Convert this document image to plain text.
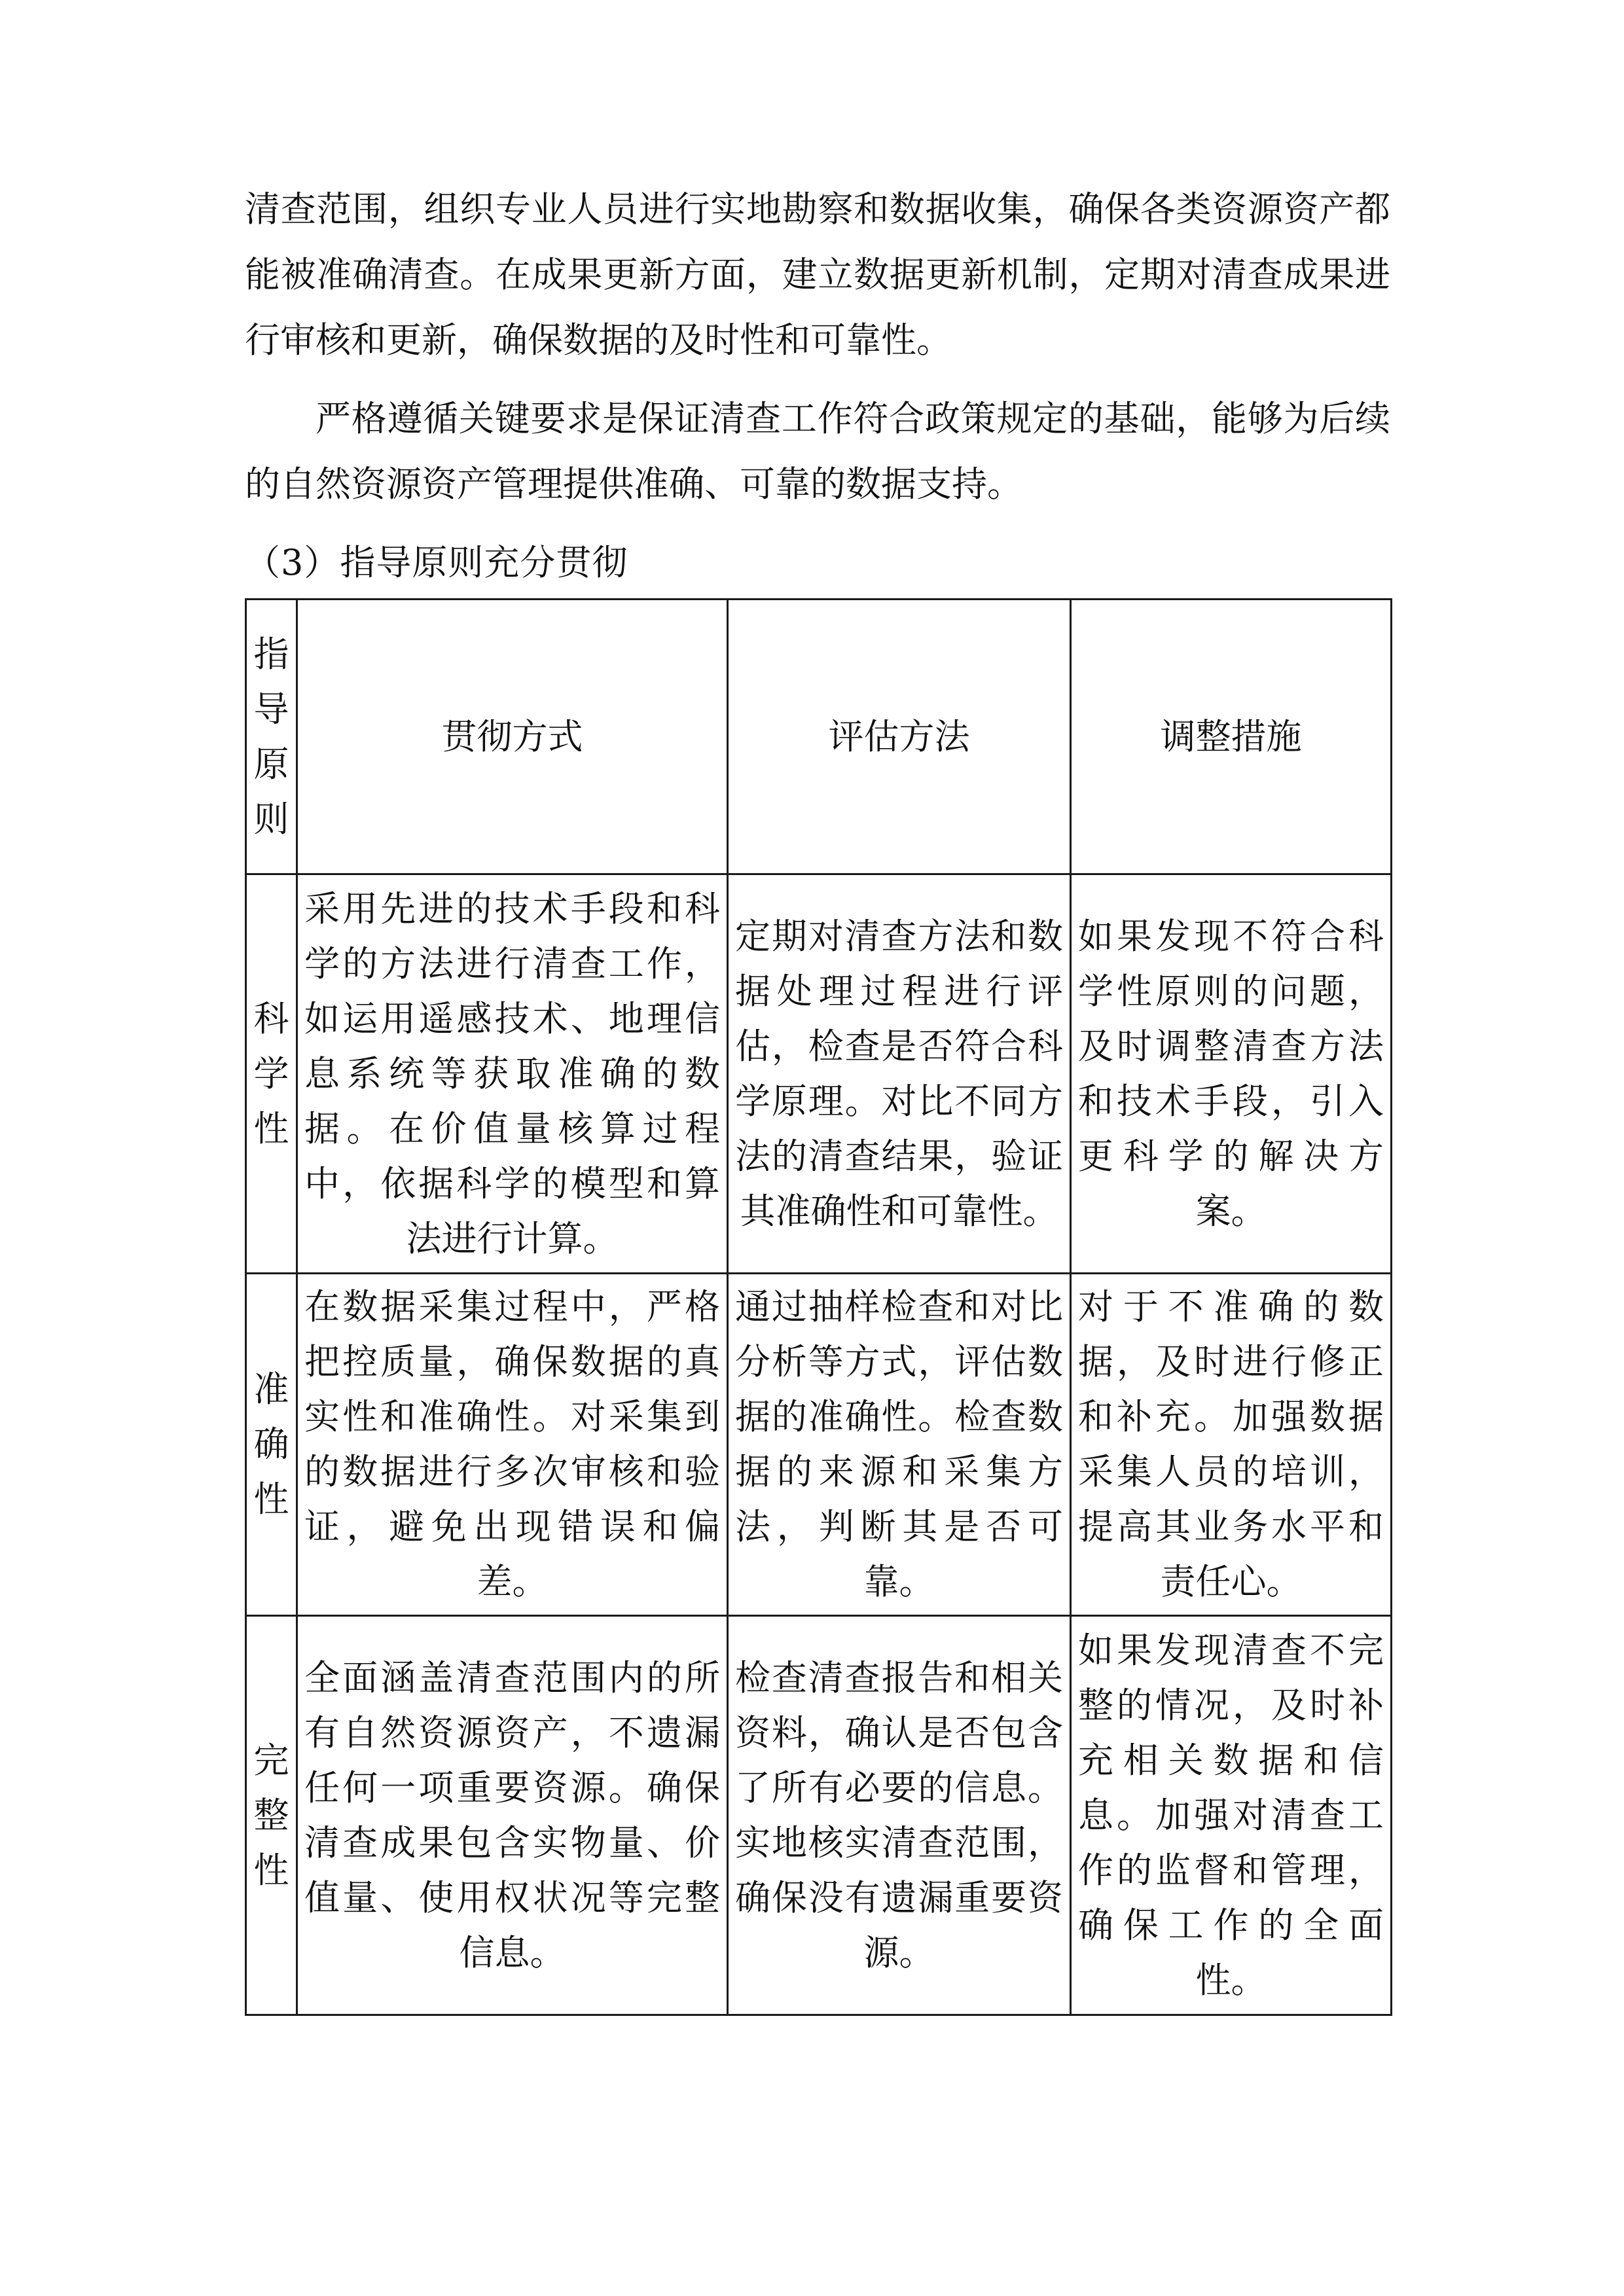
清查范围，组织专业人员进行实地勘察和数据收集，确保各类资源资产都能被准确清查。在成果更新方面，建立数据更新机制，定期对清查成果进行审核和更新，确保数据的及时性和可靠性。

严格遵循关键要求是保证清查工作符合政策规定的基础，能够为后续的自然资源资产管理提供准确、可靠的数据支持。

（3）指导原则充分贯彻

指导原则	贯彻方式	评估方法	调整措施
科学性	采用先进的技术手段和科学的方法进行清查工作，如运用遥感技术、地理信息系统等获取准确的数据。在价值量核算过程中，依据科学的模型和算法进行计算。	定期对清查方法和数据处理过程进行评估，检查是否符合科学原理。对比不同方法的清查结果，验证其准确性和可靠性。	如果发现不符合科学性原则的问题，及时调整清查方法和技术手段，引入更科学的解决方案。
准确性	在数据采集过程中，严格把控质量，确保数据的真实性和准确性。对采集到的数据进行多次审核和验证，避免出现错误和偏差。	通过抽样检查和对比分析等方式，评估数据的准确性。检查数据的来源和采集方法，判断其是否可靠。	对于不准确的数据，及时进行修正和补充。加强数据采集人员的培训，提高其业务水平和责任心。
完整性	全面涵盖清查范围内的所有自然资源资产，不遗漏任何一项重要资源。确保清查成果包含实物量、价值量、使用权状况等完整信息。	检查清查报告和相关资料，确认是否包含了所有必要的信息。实地核实清查范围，确保没有遗漏重要资源。	如果发现清查不完整的情况，及时补充相关数据和信息。加强对清查工作的监督和管理，确保工作的全面性。
